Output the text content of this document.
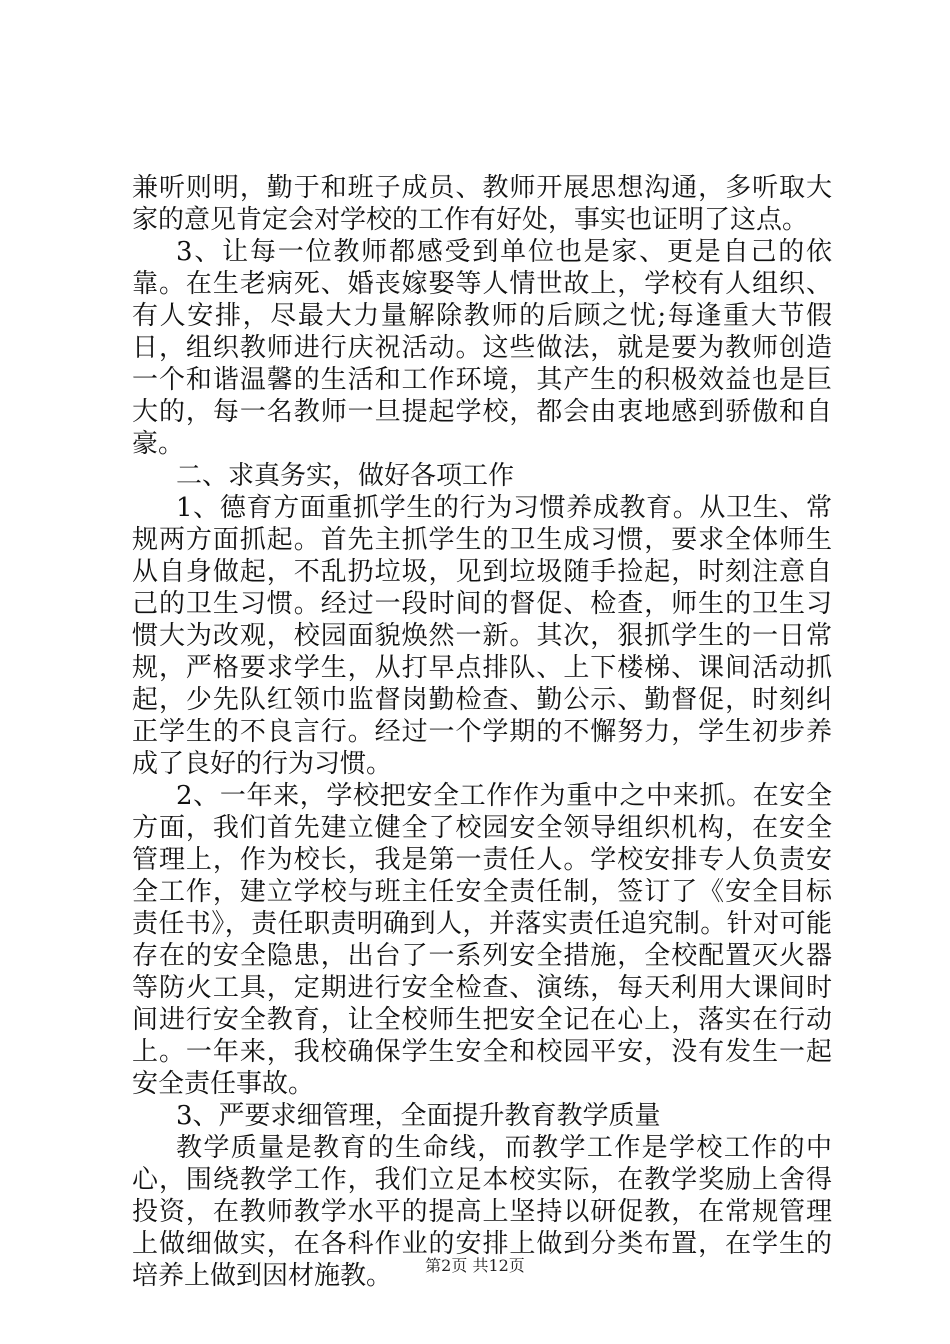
兼听则明，勤于和班子成员、教师开展思想沟通，多听取大家的意见肯定会对学校的工作有好处，事实也证明了这点。

3、让每一位教师都感受到单位也是家、更是自己的依靠。在生老病死、婚丧嫁娶等人情世故上，学校有人组织、有人安排，尽最大力量解除教师的后顾之忧;每逢重大节假日，组织教师进行庆祝活动。这些做法，就是要为教师创造一个和谐温馨的生活和工作环境，其产生的积极效益也是巨大的，每一名教师一旦提起学校，都会由衷地感到骄傲和自豪。

二、求真务实，做好各项工作

1、德育方面重抓学生的行为习惯养成教育。从卫生、常规两方面抓起。首先主抓学生的卫生成习惯，要求全体师生从自身做起，不乱扔垃圾，见到垃圾随手捡起，时刻注意自己的卫生习惯。经过一段时间的督促、检查，师生的卫生习惯大为改观，校园面貌焕然一新。其次，狠抓学生的一日常规，严格要求学生，从打早点排队、上下楼梯、课间活动抓起，少先队红领巾监督岗勤检查、勤公示、勤督促，时刻纠正学生的不良言行。经过一个学期的不懈努力，学生初步养成了良好的行为习惯。

2、一年来，学校把安全工作作为重中之中来抓。在安全方面，我们首先建立健全了校园安全领导组织机构，在安全管理上，作为校长，我是第一责任人。学校安排专人负责安全工作，建立学校与班主任安全责任制，签订了《安全目标责任书》，责任职责明确到人，并落实责任追究制。针对可能存在的安全隐患，出台了一系列安全措施，全校配置灭火器等防火工具，定期进行安全检查、演练，每天利用大课间时间进行安全教育，让全校师生把安全记在心上，落实在行动上。一年来，我校确保学生安全和校园平安，没有发生一起安全责任事故。

3、严要求细管理，全面提升教育教学质量

教学质量是教育的生命线，而教学工作是学校工作的中心，围绕教学工作，我们立足本校实际，在教学奖励上舍得投资，在教师教学水平的提高上坚持以研促教，在常规管理上做细做实，在各科作业的安排上做到分类布置，在学生的培养上做到因材施教。	第2页 共12页
